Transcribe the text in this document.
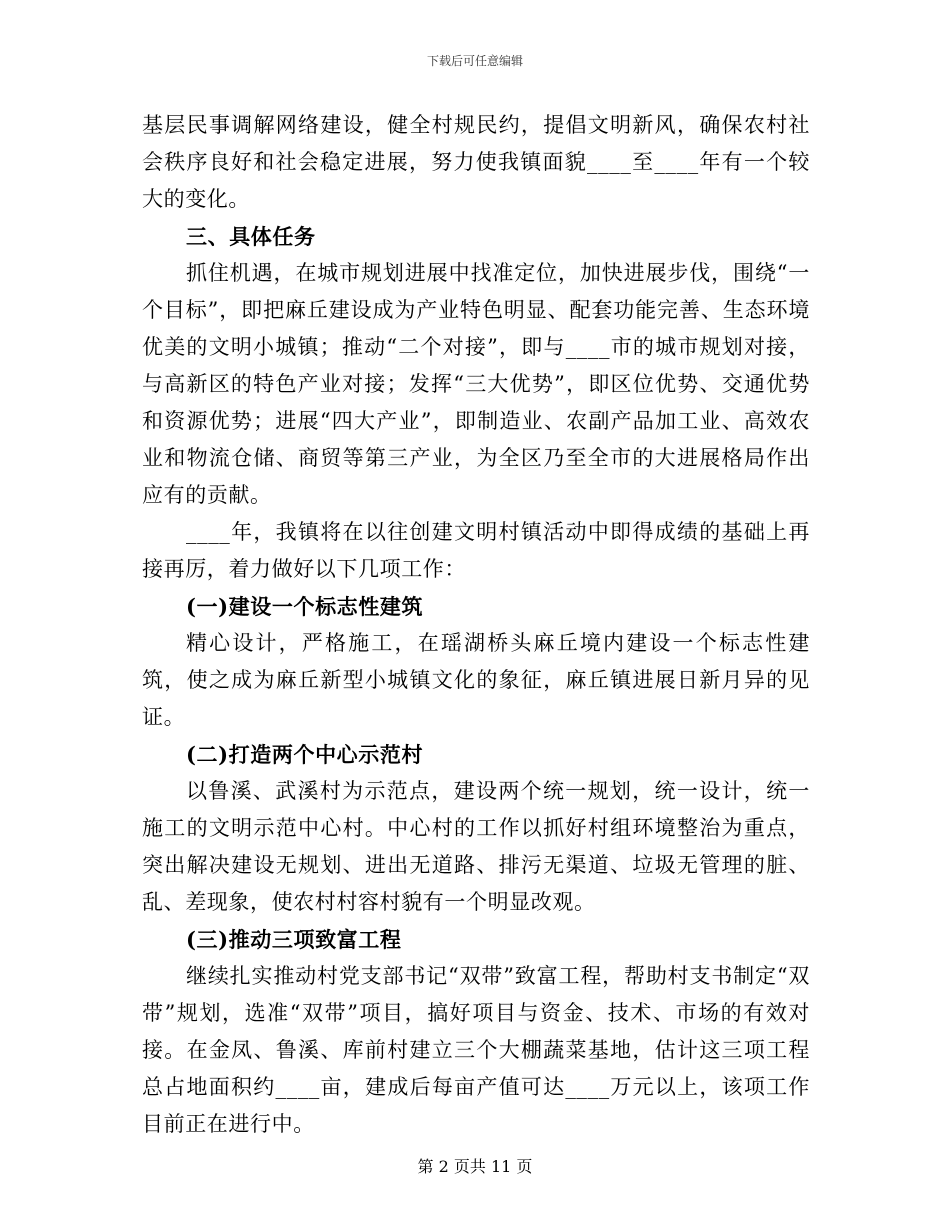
下载后可任意编辑

基层民事调解网络建设，健全村规民约，提倡文明新风，确保农村社会秩序良好和社会稳定进展，努力使我镇面貌____至____年有一个较大的变化。

三、具体任务

抓住机遇，在城市规划进展中找准定位，加快进展步伐，围绕“一个目标”，即把麻丘建设成为产业特色明显、配套功能完善、生态环境优美的文明小城镇；推动“二个对接”，即与____市的城市规划对接，与高新区的特色产业对接；发挥“三大优势”，即区位优势、交通优势和资源优势；进展“四大产业”，即制造业、农副产品加工业、高效农业和物流仓储、商贸等第三产业，为全区乃至全市的大进展格局作出应有的贡献。

____年，我镇将在以往创建文明村镇活动中即得成绩的基础上再接再厉，着力做好以下几项工作：

(一)建设一个标志性建筑

精心设计，严格施工，在瑶湖桥头麻丘境内建设一个标志性建筑，使之成为麻丘新型小城镇文化的象征，麻丘镇进展日新月异的见证。

(二)打造两个中心示范村

以鲁溪、武溪村为示范点，建设两个统一规划，统一设计，统一施工的文明示范中心村。中心村的工作以抓好村组环境整治为重点，突出解决建设无规划、进出无道路、排污无渠道、垃圾无管理的脏、乱、差现象，使农村村容村貌有一个明显改观。

(三)推动三项致富工程

继续扎实推动村党支部书记“双带”致富工程，帮助村支书制定“双带”规划，选准“双带”项目，搞好项目与资金、技术、市场的有效对接。在金凤、鲁溪、库前村建立三个大棚蔬菜基地，估计这三项工程总占地面积约____亩，建成后每亩产值可达____万元以上，该项工作目前正在进行中。

第 2 页共 11 页
